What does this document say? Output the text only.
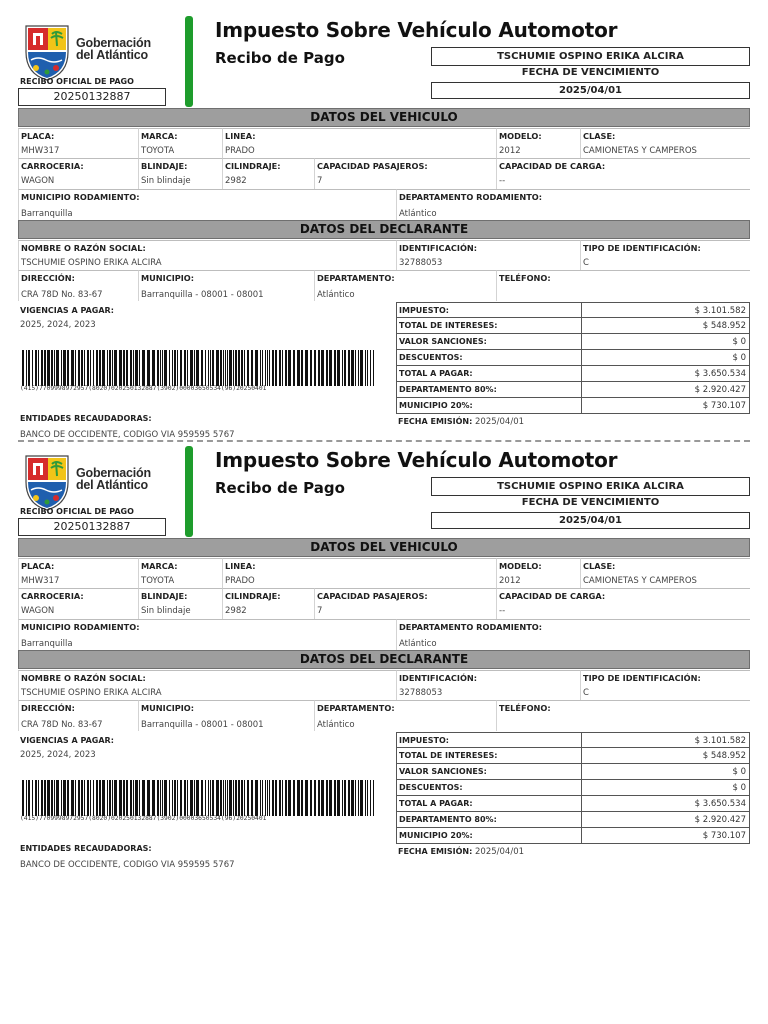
Gobernación
del Atlántico
RECIBO OFICIAL DE PAGO
20250132887
Impuesto Sobre Vehículo Automotor
Recibo de Pago	TSCHUMIE OSPINO ERIKA ALCIRA
FECHA DE VENCIMIENTO
2025/04/01
DATOS DEL VEHICULO
PLACA:
MHW317
MARCA:
TOYOTA
LINEA:
PRADO
MODELO:
2012
CLASE:
CAMIONETAS Y CAMPEROS
CARROCERIA:
WAGON
BLINDAJE:
Sin blindaje
CILINDRAJE:
2982
CAPACIDAD PASAJEROS:
7
CAPACIDAD DE CARGA:
--
MUNICIPIO RODAMIENTO:
Barranquilla
DEPARTAMENTO RODAMIENTO:
Atlántico
DATOS DEL DECLARANTE
NOMBRE O RAZÓN SOCIAL:
TSCHUMIE OSPINO ERIKA ALCIRA
IDENTIFICACIÓN:
32788053
TIPO DE IDENTIFICACIÓN:
C
DIRECCIÓN:
CRA 78D No. 83-67
MUNICIPIO:
Barranquilla - 08001 - 08001
DEPARTAMENTO:
Atlántico
TELÉFONO:
VIGENCIAS A PAGAR:
2025, 2024, 2023
(415)7709998972957(8020)020250132887(3902)00003650534(96)20250401
ENTIDADES RECAUDADORAS:
BANCO DE OCCIDENTE, CODIGO VIA 959595 5767
IMPUESTO:	$ 3.101.582
TOTAL DE INTERESES:	$ 548.952
VALOR SANCIONES:	$ 0
DESCUENTOS:	$ 0
TOTAL A PAGAR:	$ 3.650.534
DEPARTAMENTO 80%:	$ 2.920.427
MUNICIPIO 20%:	$ 730.107
FECHA EMISIÓN: 2025/04/01
Gobernación
del Atlántico
RECIBO OFICIAL DE PAGO
20250132887
Impuesto Sobre Vehículo Automotor
Recibo de Pago	TSCHUMIE OSPINO ERIKA ALCIRA
FECHA DE VENCIMIENTO
2025/04/01
DATOS DEL VEHICULO
PLACA:
MHW317
MARCA:
TOYOTA
LINEA:
PRADO
MODELO:
2012
CLASE:
CAMIONETAS Y CAMPEROS
CARROCERIA:
WAGON
BLINDAJE:
Sin blindaje
CILINDRAJE:
2982
CAPACIDAD PASAJEROS:
7
CAPACIDAD DE CARGA:
--
MUNICIPIO RODAMIENTO:
Barranquilla
DEPARTAMENTO RODAMIENTO:
Atlántico
DATOS DEL DECLARANTE
NOMBRE O RAZÓN SOCIAL:
TSCHUMIE OSPINO ERIKA ALCIRA
IDENTIFICACIÓN:
32788053
TIPO DE IDENTIFICACIÓN:
C
DIRECCIÓN:
CRA 78D No. 83-67
MUNICIPIO:
Barranquilla - 08001 - 08001
DEPARTAMENTO:
Atlántico
TELÉFONO:
VIGENCIAS A PAGAR:
2025, 2024, 2023
(415)7709998972957(8020)020250132887(3902)00003650534(96)20250401
ENTIDADES RECAUDADORAS:
BANCO DE OCCIDENTE, CODIGO VIA 959595 5767
IMPUESTO:	$ 3.101.582
TOTAL DE INTERESES:	$ 548.952
VALOR SANCIONES:	$ 0
DESCUENTOS:	$ 0
TOTAL A PAGAR:	$ 3.650.534
DEPARTAMENTO 80%:	$ 2.920.427
MUNICIPIO 20%:	$ 730.107
FECHA EMISIÓN: 2025/04/01
